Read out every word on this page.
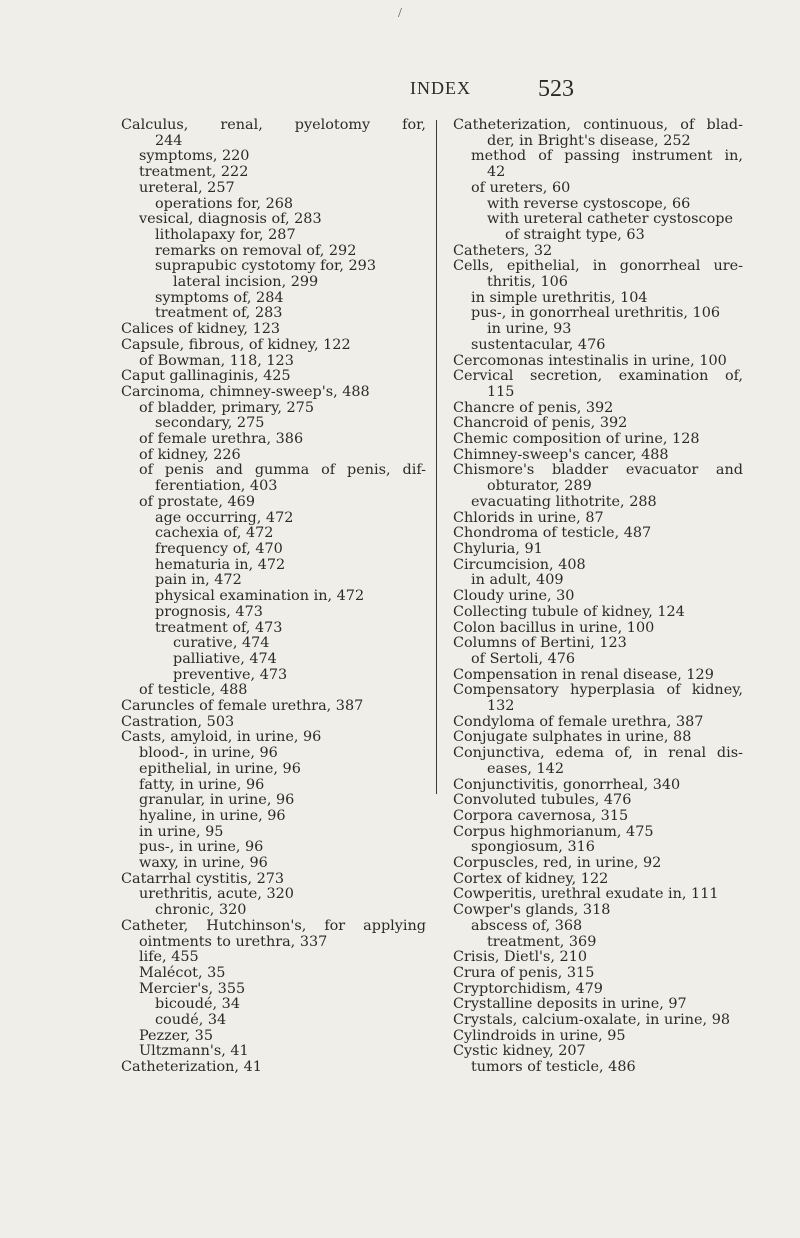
/
INDEX	523
Calculus, renal, pyelotomy for,
244
symptoms, 220
treatment, 222
ureteral, 257
operations for, 268
vesical, diagnosis of, 283
litholapaxy for, 287
remarks on removal of, 292
suprapubic cystotomy for, 293
lateral incision, 299
symptoms of, 284
treatment of, 283
Calices of kidney, 123
Capsule, fibrous, of kidney, 122
of Bowman, 118, 123
Caput gallinaginis, 425
Carcinoma, chimney-sweep's, 488
of bladder, primary, 275
secondary, 275
of female urethra, 386
of kidney, 226
of penis and gumma of penis, dif-
ferentiation, 403
of prostate, 469
age occurring, 472
cachexia of, 472
frequency of, 470
hematuria in, 472
pain in, 472
physical examination in, 472
prognosis, 473
treatment of, 473
curative, 474
palliative, 474
preventive, 473
of testicle, 488
Caruncles of female urethra, 387
Castration, 503
Casts, amyloid, in urine, 96
blood-, in urine, 96
epithelial, in urine, 96
fatty, in urine, 96
granular, in urine, 96
hyaline, in urine, 96
in urine, 95
pus-, in urine, 96
waxy, in urine, 96
Catarrhal cystitis, 273
urethritis, acute, 320
chronic, 320
Catheter, Hutchinson's, for applying
ointments to urethra, 337
life, 455
Malécot, 35
Mercier's, 355
bicoudé, 34
coudé, 34
Pezzer, 35
Ultzmann's, 41
Catheterization, 41
Catheterization, continuous, of blad-
der, in Bright's disease, 252
method of passing instrument in,
42
of ureters, 60
with reverse cystoscope, 66
with ureteral catheter cystoscope
of straight type, 63
Catheters, 32
Cells, epithelial, in gonorrheal ure-
thritis, 106
in simple urethritis, 104
pus-, in gonorrheal urethritis, 106
in urine, 93
sustentacular, 476
Cercomonas intestinalis in urine, 100
Cervical secretion, examination of,
115
Chancre of penis, 392
Chancroid of penis, 392
Chemic composition of urine, 128
Chimney-sweep's cancer, 488
Chismore's bladder evacuator and
obturator, 289
evacuating lithotrite, 288
Chlorids in urine, 87
Chondroma of testicle, 487
Chyluria, 91
Circumcision, 408
in adult, 409
Cloudy urine, 30
Collecting tubule of kidney, 124
Colon bacillus in urine, 100
Columns of Bertini, 123
of Sertoli, 476
Compensation in renal disease, 129
Compensatory hyperplasia of kidney,
132
Condyloma of female urethra, 387
Conjugate sulphates in urine, 88
Conjunctiva, edema of, in renal dis-
eases, 142
Conjunctivitis, gonorrheal, 340
Convoluted tubules, 476
Corpora cavernosa, 315
Corpus highmorianum, 475
spongiosum, 316
Corpuscles, red, in urine, 92
Cortex of kidney, 122
Cowperitis, urethral exudate in, 111
Cowper's glands, 318
abscess of, 368
treatment, 369
Crisis, Dietl's, 210
Crura of penis, 315
Cryptorchidism, 479
Crystalline deposits in urine, 97
Crystals, calcium-oxalate, in urine, 98
Cylindroids in urine, 95
Cystic kidney, 207
tumors of testicle, 486
